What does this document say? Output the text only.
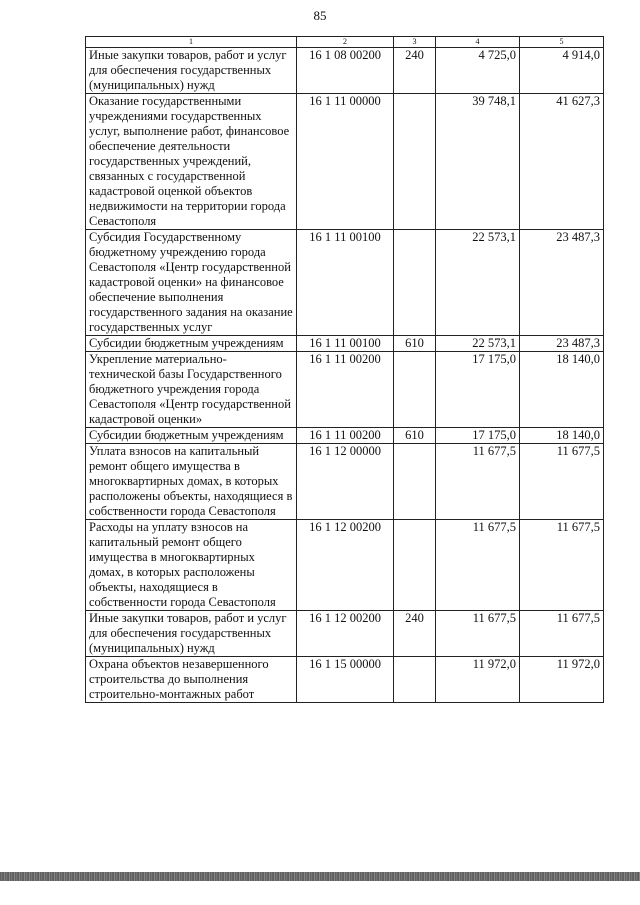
85
1	2	3	4	5
Иные закупки товаров, работ и услуг для обеспечения государственных (муниципальных) нужд	16 1 08 00200	240	4 725,0	4 914,0
Оказание государственными учреждениями государственных услуг, выполнение работ, финансовое обеспечение деятельности государственных учреждений, связанных с государственной кадастровой оценкой объектов недвижимости на территории города Севастополя	16 1 11 00000		39 748,1	41 627,3
Субсидия Государственному бюджетному учреждению города Севастополя «Центр государственной кадастровой оценки» на финансовое обеспечение выполнения государственного задания на оказание государственных услуг	16 1 11 00100		22 573,1	23 487,3
Субсидии бюджетным учреждениям	16 1 11 00100	610	22 573,1	23 487,3
Укрепление материально-технической базы Государственного бюджетного учреждения города Севастополя «Центр государственной кадастровой оценки»	16 1 11 00200		17 175,0	18 140,0
Субсидии бюджетным учреждениям	16 1 11 00200	610	17 175,0	18 140,0
Уплата взносов на капитальный ремонт общего имущества в многоквартирных домах, в которых расположены объекты, находящиеся в собственности города Севастополя	16 1 12 00000		11 677,5	11 677,5
Расходы на уплату взносов на капитальный ремонт общего имущества в многоквартирных домах, в которых расположены объекты, находящиеся в собственности города Севастополя	16 1 12 00200		11 677,5	11 677,5
Иные закупки товаров, работ и услуг для обеспечения государственных (муниципальных) нужд	16 1 12 00200	240	11 677,5	11 677,5
Охрана объектов незавершенного строительства до выполнения строительно-монтажных работ	16 1 15 00000		11 972,0	11 972,0
